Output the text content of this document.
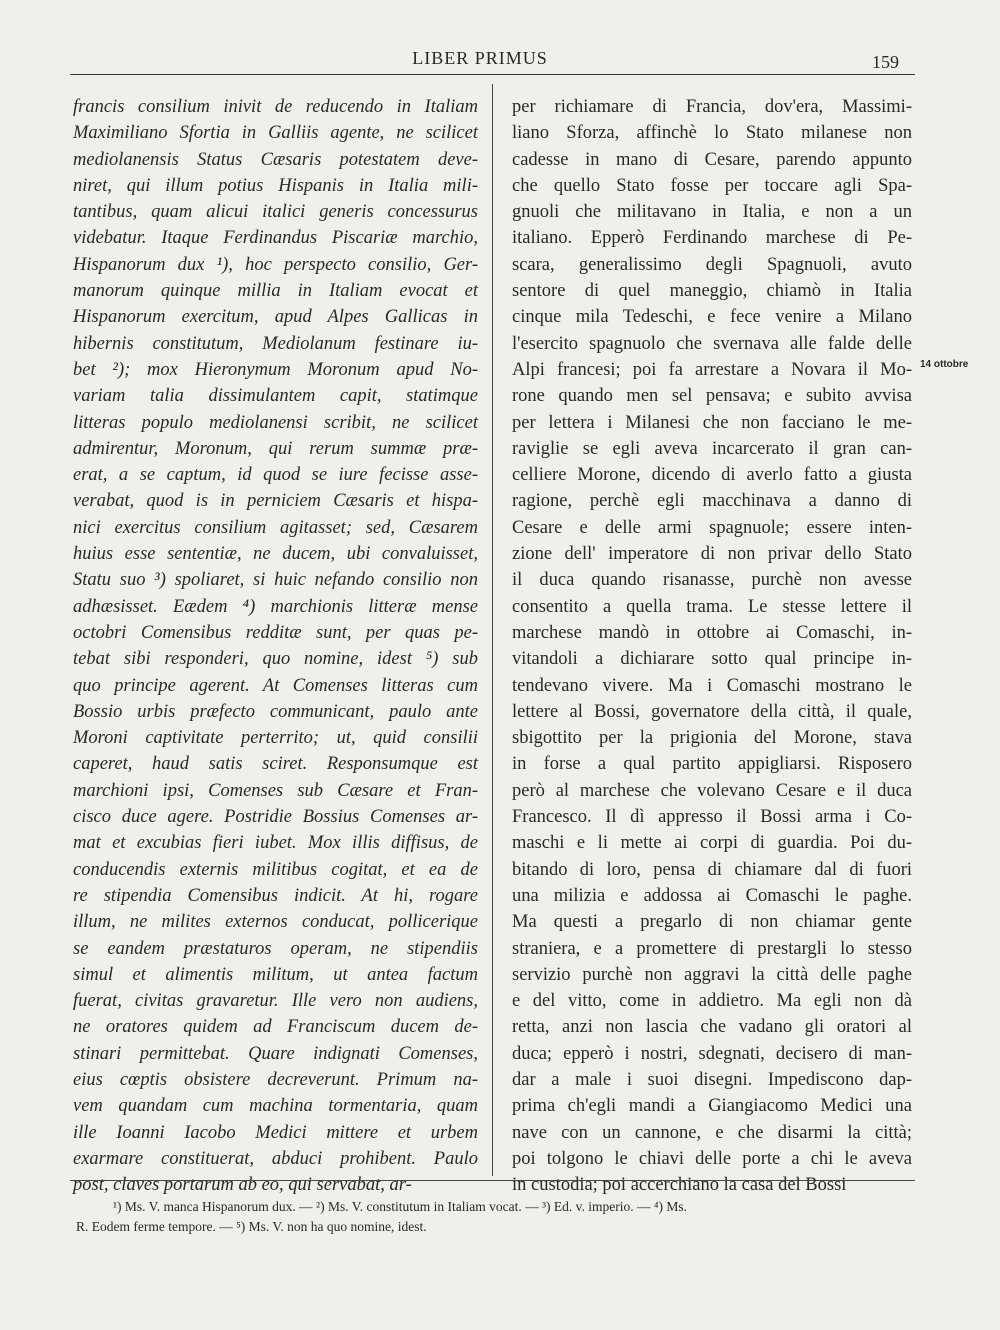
LIBER PRIMUS	159
francis consilium inivit de reducendo in Italiam
Maximiliano Sfortia in Galliis agente, ne scilicet
mediolanensis Status Cæsaris potestatem deve-
niret, qui illum potius Hispanis in Italia mili-
tantibus, quam alicui italici generis concessurus
videbatur. Itaque Ferdinandus Piscariæ marchio,
Hispanorum dux ¹), hoc perspecto consilio, Ger-
manorum quinque millia in Italiam evocat et
Hispanorum exercitum, apud Alpes Gallicas in
hibernis constitutum, Mediolanum festinare iu-
bet ²); mox Hieronymum Moronum apud No-
variam talia dissimulantem capit, statimque
litteras populo mediolanensi scribit, ne scilicet
admirentur, Moronum, qui rerum summæ præ-
erat, a se captum, id quod se iure fecisse asse-
verabat, quod is in perniciem Cæsaris et hispa-
nici exercitus consilium agitasset; sed, Cæsarem
huius esse sententiæ, ne ducem, ubi convaluisset,
Statu suo ³) spoliaret, si huic nefando consilio non
adhæsisset. Eædem ⁴) marchionis litteræ mense
octobri Comensibus redditæ sunt, per quas pe-
tebat sibi responderi, quo nomine, idest ⁵) sub
quo principe agerent. At Comenses litteras cum
Bossio urbis præfecto communicant, paulo ante
Moroni captivitate perterrito; ut, quid consilii
caperet, haud satis sciret. Responsumque est
marchioni ipsi, Comenses sub Cæsare et Fran-
cisco duce agere. Postridie Bossius Comenses ar-
mat et excubias fieri iubet. Mox illis diffisus, de
conducendis externis militibus cogitat, et ea de
re stipendia Comensibus indicit. At hi, rogare
illum, ne milites externos conducat, pollicerique
se eandem præstaturos operam, ne stipendiis
simul et alimentis militum, ut antea factum
fuerat, civitas gravaretur. Ille vero non audiens,
ne oratores quidem ad Franciscum ducem de-
stinari permittebat. Quare indignati Comenses,
eius cœptis obsistere decreverunt. Primum na-
vem quandam cum machina tormentaria, quam
ille Ioanni Iacobo Medici mittere et urbem
exarmare constituerat, abduci prohibent. Paulo
post, claves portarum ab eo, qui servabat, ar-
per richiamare di Francia, dov'era, Massimi-
liano Sforza, affinchè lo Stato milanese non
cadesse in mano di Cesare, parendo appunto
che quello Stato fosse per toccare agli Spa-
gnuoli che militavano in Italia, e non a un
italiano. Epperò Ferdinando marchese di Pe-
scara, generalissimo degli Spagnuoli, avuto
sentore di quel maneggio, chiamò in Italia
cinque mila Tedeschi, e fece venire a Milano
l'esercito spagnuolo che svernava alle falde delle
Alpi francesi; poi fa arrestare a Novara il Mo-
rone quando men sel pensava; e subito avvisa
per lettera i Milanesi che non facciano le me-
raviglie se egli aveva incarcerato il gran can-
celliere Morone, dicendo di averlo fatto a giusta
ragione, perchè egli macchinava a danno di
Cesare e delle armi spagnuole; essere inten-
zione dell' imperatore di non privar dello Stato
il duca quando risanasse, purchè non avesse
consentito a quella trama. Le stesse lettere il
marchese mandò in ottobre ai Comaschi, in-
vitandoli a dichiarare sotto qual principe in-
tendevano vivere. Ma i Comaschi mostrano le
lettere al Bossi, governatore della città, il quale,
sbigottito per la prigionia del Morone, stava
in forse a qual partito appigliarsi. Risposero
però al marchese che volevano Cesare e il duca
Francesco. Il dì appresso il Bossi arma i Co-
maschi e li mette ai corpi di guardia. Poi du-
bitando di loro, pensa di chiamare dal di fuori
una milizia e addossa ai Comaschi le paghe.
Ma questi a pregarlo di non chiamar gente
straniera, e a promettere di prestargli lo stesso
servizio purchè non aggravi la città delle paghe
e del vitto, come in addietro. Ma egli non dà
retta, anzi non lascia che vadano gli oratori al
duca; epperò i nostri, sdegnati, decisero di man-
dar a male i suoi disegni. Impediscono dap-
prima ch'egli mandi a Giangiacomo Medici una
nave con un cannone, e che disarmi la città;
poi tolgono le chiavi delle porte a chi le aveva
in custodia; poi accerchiano la casa del Bossi
14 ottobre
¹) Ms. V. manca Hispanorum dux. — ²) Ms. V. constitutum in Italiam vocat. — ³) Ed. v. imperio. — ⁴) Ms.
R. Eodem ferme tempore. — ⁵) Ms. V. non ha quo nomine, idest.
